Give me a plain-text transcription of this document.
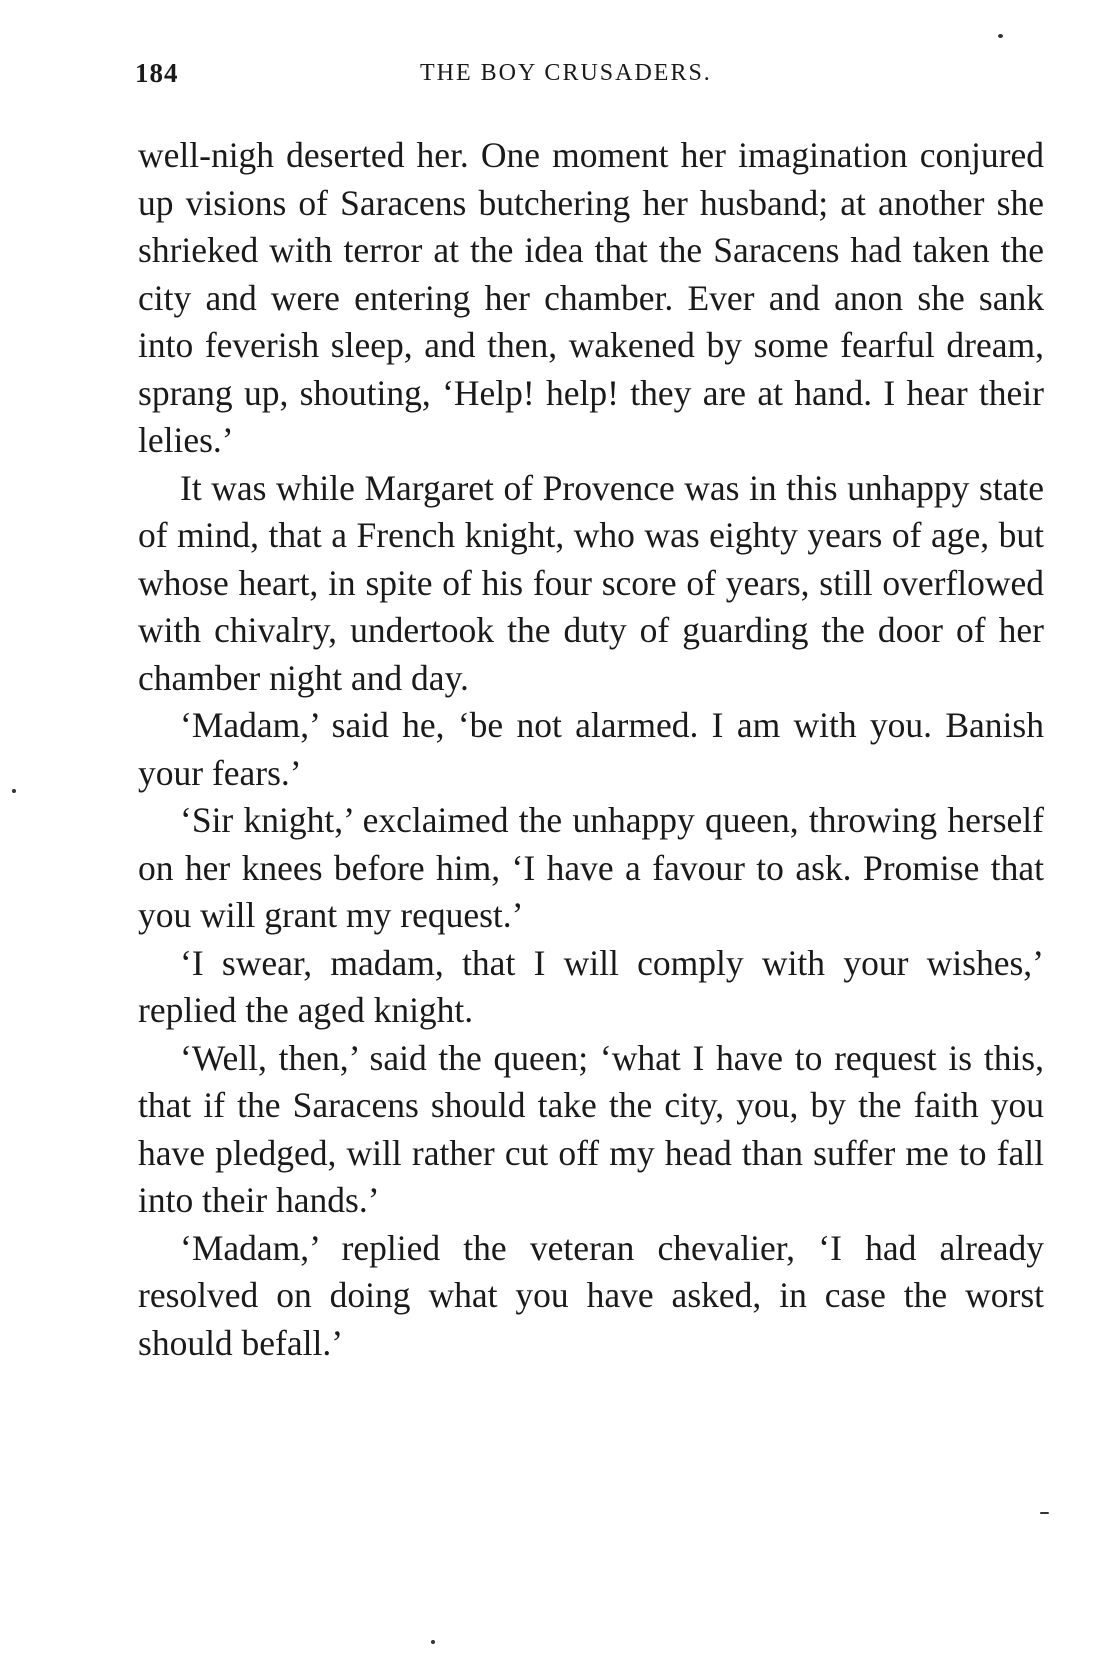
184	THE BOY CRUSADERS.

well-nigh deserted her. One moment her imagination conjured up visions of Saracens butchering her husband; at another she shrieked with terror at the idea that the Saracens had taken the city and were entering her chamber. Ever and anon she sank into feverish sleep, and then, wakened by some fearful dream, sprang up, shouting, ‘Help! help! they are at hand. I hear their lelies.’

It was while Margaret of Provence was in this unhappy state of mind, that a French knight, who was eighty years of age, but whose heart, in spite of his four score of years, still overflowed with chivalry, undertook the duty of guarding the door of her chamber night and day.

‘Madam,’ said he, ‘be not alarmed. I am with you. Banish your fears.’

‘Sir knight,’ exclaimed the unhappy queen, throwing herself on her knees before him, ‘I have a favour to ask. Promise that you will grant my request.’

‘I swear, madam, that I will comply with your wishes,’ replied the aged knight.

‘Well, then,’ said the queen; ‘what I have to request is this, that if the Saracens should take the city, you, by the faith you have pledged, will rather cut off my head than suffer me to fall into their hands.’

‘Madam,’ replied the veteran chevalier, ‘I had already resolved on doing what you have asked, in case the worst should befall.’
